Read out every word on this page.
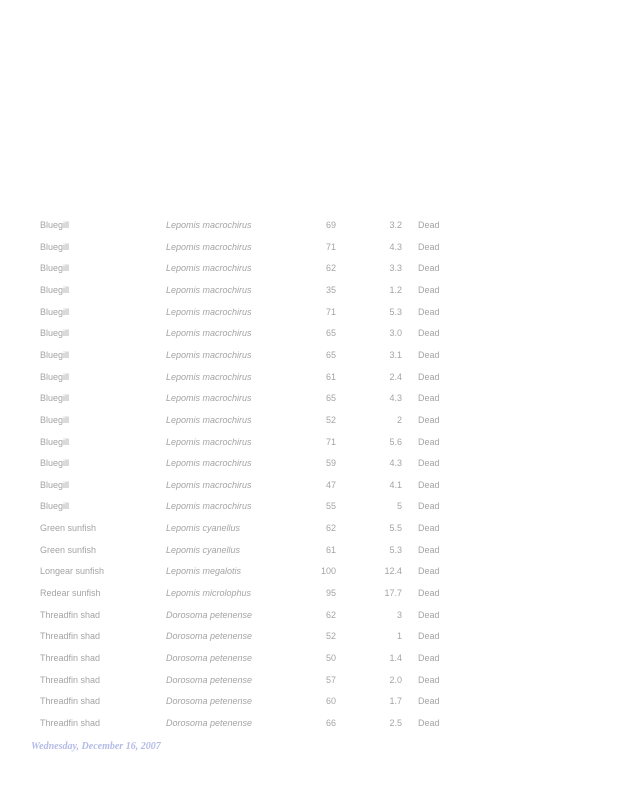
Bluegill	Lepomis macrochirus	69	3.2 Dead
Bluegill	Lepomis macrochirus	71	4.3 Dead
Bluegill	Lepomis macrochirus	62	3.3 Dead
Bluegill	Lepomis macrochirus	35	1.2 Dead
Bluegill	Lepomis macrochirus	71	5.3 Dead
Bluegill	Lepomis macrochirus	65	3.0 Dead
Bluegill	Lepomis macrochirus	65	3.1 Dead
Bluegill	Lepomis macrochirus	61	2.4 Dead
Bluegill	Lepomis macrochirus	65	4.3 Dead
Bluegill	Lepomis macrochirus	52	2 Dead
Bluegill	Lepomis macrochirus	71	5.6 Dead
Bluegill	Lepomis macrochirus	59	4.3 Dead
Bluegill	Lepomis macrochirus	47	4.1 Dead
Bluegill	Lepomis macrochirus	55	5 Dead
Green sunfish	Lepomis cyanellus	62	5.5 Dead
Green sunfish	Lepomis cyanellus	61	5.3 Dead
Longear sunfish	Lepomis megalotis	100	12.4 Dead
Redear sunfish	Lepomis microlophus	95	17.7 Dead
Threadfin shad	Dorosoma petenense	62	3 Dead
Threadfin shad	Dorosoma petenense	52	1 Dead
Threadfin shad	Dorosoma petenense	50	1.4 Dead
Threadfin shad	Dorosoma petenense	57	2.0 Dead
Threadfin shad	Dorosoma petenense	60	1.7 Dead
Threadfin shad	Dorosoma petenense	66	2.5 Dead
Wednesday, December 16, 2007
